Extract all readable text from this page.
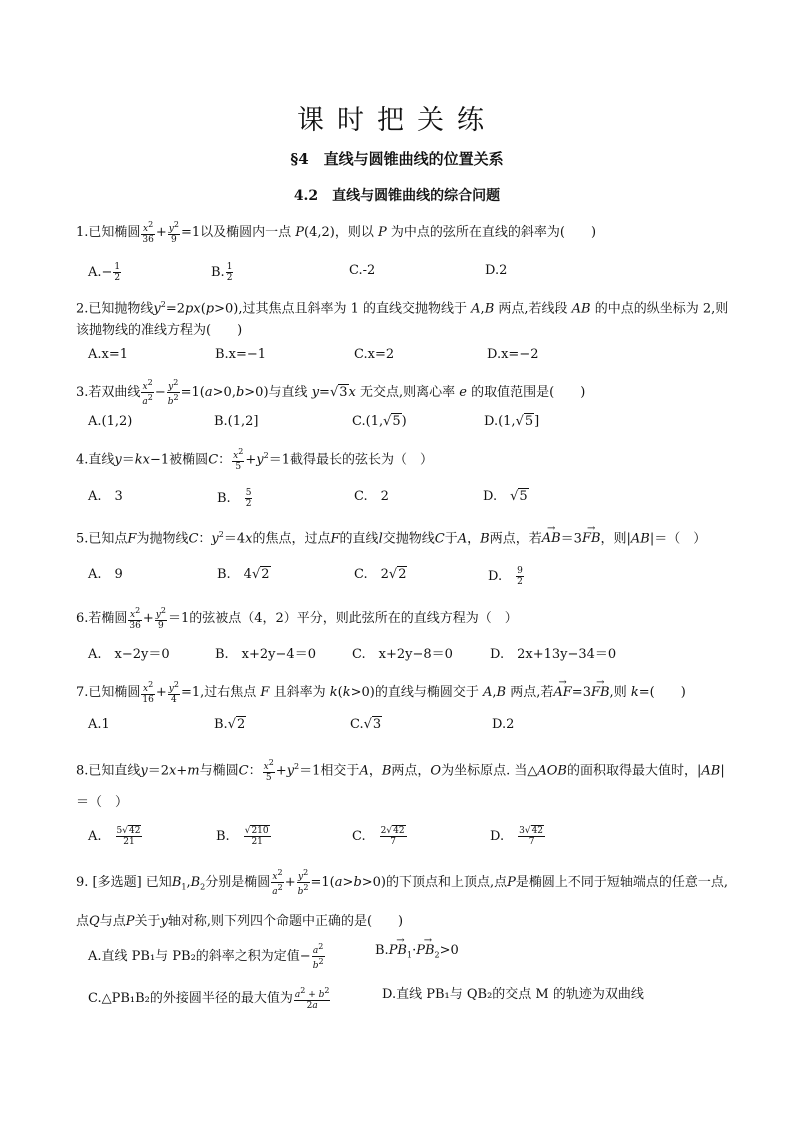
课时把关练
§4　直线与圆锥曲线的位置关系
4.2　直线与圆锥曲线的综合问题
1.已知椭圆 $\frac{x^2}{36} + \frac{y^2}{9} =1$以及椭圆内一点 P(4,2)，则以 P 为中点的弦所在直线的斜率为(　　)
$A.- \frac{1}{2}$	B. $\frac{1}{2}$	C.-2	D.2
2.已知抛物线$y^2=2px(p>0)$,过其焦点且斜率为 1 的直线交抛物线于 A,B 两点,若线段 AB 的中点的纵坐标为 2,则该抛物线的准线方程为(　　)
A.x=1	B.x=−1	C.x=2	D.x=−2
3.若双曲线 $\frac{x^2}{a^2} - \frac{y^2}{b^2} =1(a>0,b>0)$与直线 y=√3x 无交点,则离心率 e 的取值范围是(　　)
A.(1,2)	B.(1,2]	C.(1,√5)	D.(1,√5]
4.直线y＝kx−1被椭圆C： $\frac{x^2}{5} +y^2=1$截得最长的弦长为（　）
A.　3	B.　 $\frac{5}{2}$	C.　2	D.　√5
5.已知点F为抛物线C：$y^2=4x$的焦点，过点F的直线l交抛物线C于A，B两点，若→ AB＝3→ FB，则|AB|＝（　）
A.　9	B.　4√2	C.　2√2	D.　 $\frac{9}{2}$
6.若椭圆 $\frac{x^2}{36} + \frac{y^2}{9} =1$的弦被点（4，2）平分，则此弦所在的直线方程为（　）
A.　x−2y＝0	B.　x+2y−4＝0	C.　x+2y−8＝0	D.　2x+13y−34＝0
7.已知椭圆 $\frac{x^2}{16} + \frac{y^2}{4} =1$,过右焦点 F 且斜率为 k(k>0)的直线与椭圆交于 A,B 两点,若→ AF=3→ FB,则 k=(　　)
A.1	B.√2	C.√3	D.2
8.已知直线y＝2x+m与椭圆C： $\frac{x^2}{5} +y^2=1$相交于A，B两点，O为坐标原点. 当△AOB的面积取得最大值时，|AB|
＝（　）
A.　 $\frac{5√42}{21}$	B.　 $\frac{√210}{21}$	C.　 $\frac{2√42}{7}$	D.　 $\frac{3√42}{7}$
9. [多选题] 已知$B_1,B_2$分别是椭圆 $\frac{x^2}{a^2} + \frac{y^2}{b^2} =1(a>b>0)$的下顶点和上顶点,点P是椭圆上不同于短轴端点的任意一点,点Q与点P关于y轴对称,则下列四个命题中正确的是(　　)
A.直线 PB₁与 PB₂的斜率之积为定值− $\frac{a^2}{b^2}$	$B.\to PB_1\cdot\to PB_2>0$
C.△PB₁B₂的外接圆半径的最大值为 $\frac{a^2 + b^2}{2a}$	D.直线 PB₁与 QB₂的交点 M 的轨迹为双曲线
